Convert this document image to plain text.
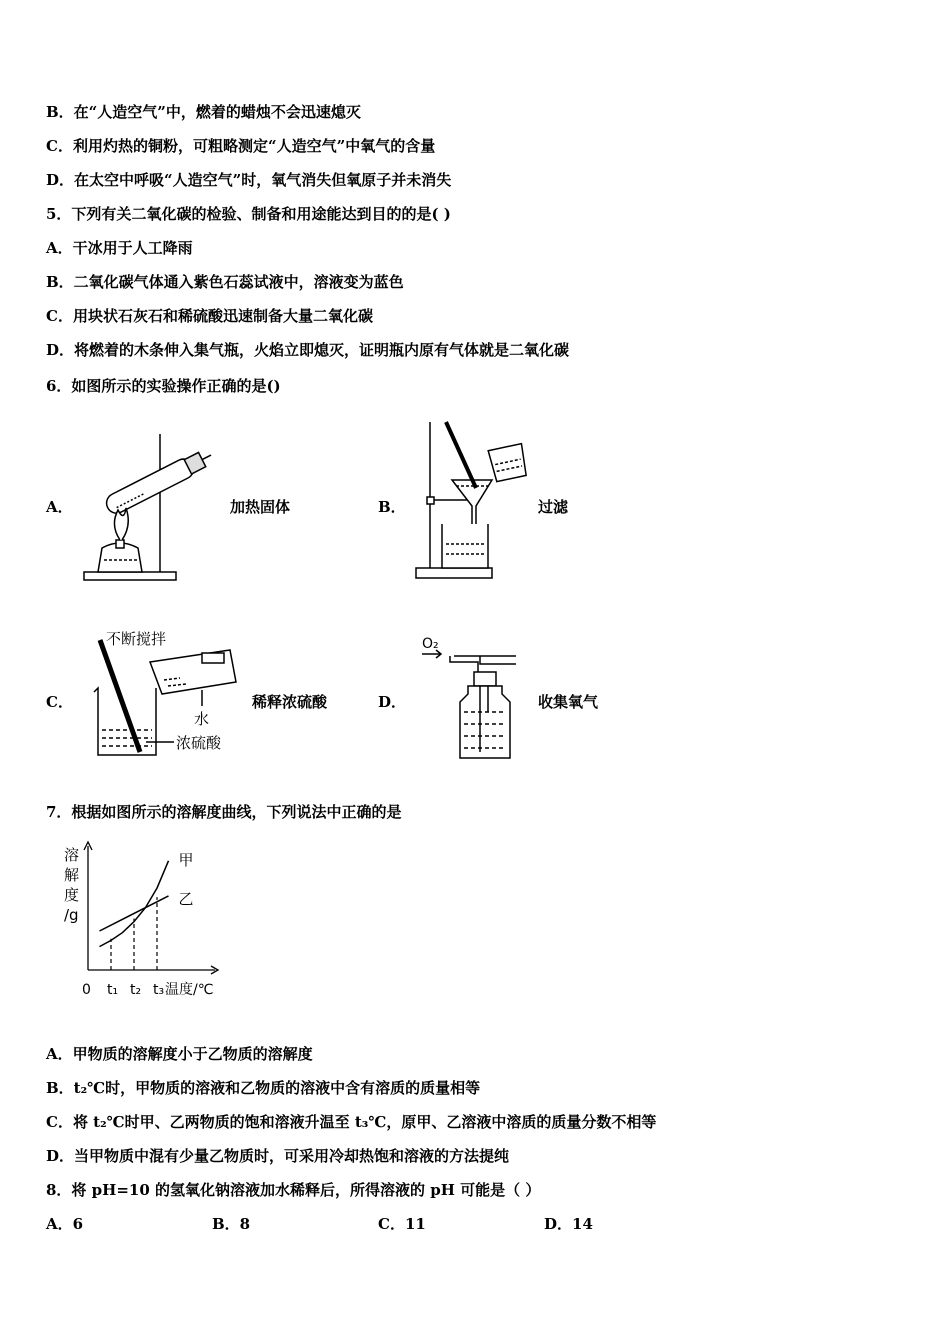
B．在“人造空气”中，燃着的蜡烛不会迅速熄灭
C．利用灼热的铜粉，可粗略测定“人造空气”中氧气的含量
D．在太空中呼吸“人造空气”时，氧气消失但氧原子并未消失
5．下列有关二氧化碳的检验、制备和用途能达到目的的是( )
A．干冰用于人工降雨
B．二氧化碳气体通入紫色石蕊试液中，溶液变为蓝色
C．用块状石灰石和稀硫酸迅速制备大量二氧化碳
D．将燃着的木条伸入集气瓶，火焰立即熄灭，证明瓶内原有气体就是二氧化碳
6．如图所示的实验操作正确的是()
A．	加热固体	B．	过滤
C．
不断搅拌
水
浓硫酸
稀释浓硫酸	D．
O₂
收集氧气
7．根据如图所示的溶解度曲线，下列说法中正确的是
溶
解
度
/g
0 t₁ t₂ t₃ 温度/℃
甲
乙
A．甲物质的溶解度小于乙物质的溶解度
B．t₂℃时，甲物质的溶液和乙物质的溶液中含有溶质的质量相等
C．将 t₂℃时甲、乙两物质的饱和溶液升温至 t₃℃，原甲、乙溶液中溶质的质量分数不相等
D．当甲物质中混有少量乙物质时，可采用冷却热饱和溶液的方法提纯
8．将 pH=10 的氢氧化钠溶液加水稀释后，所得溶液的 pH 可能是（ ）
A．6	B．8	C．11	D．14
